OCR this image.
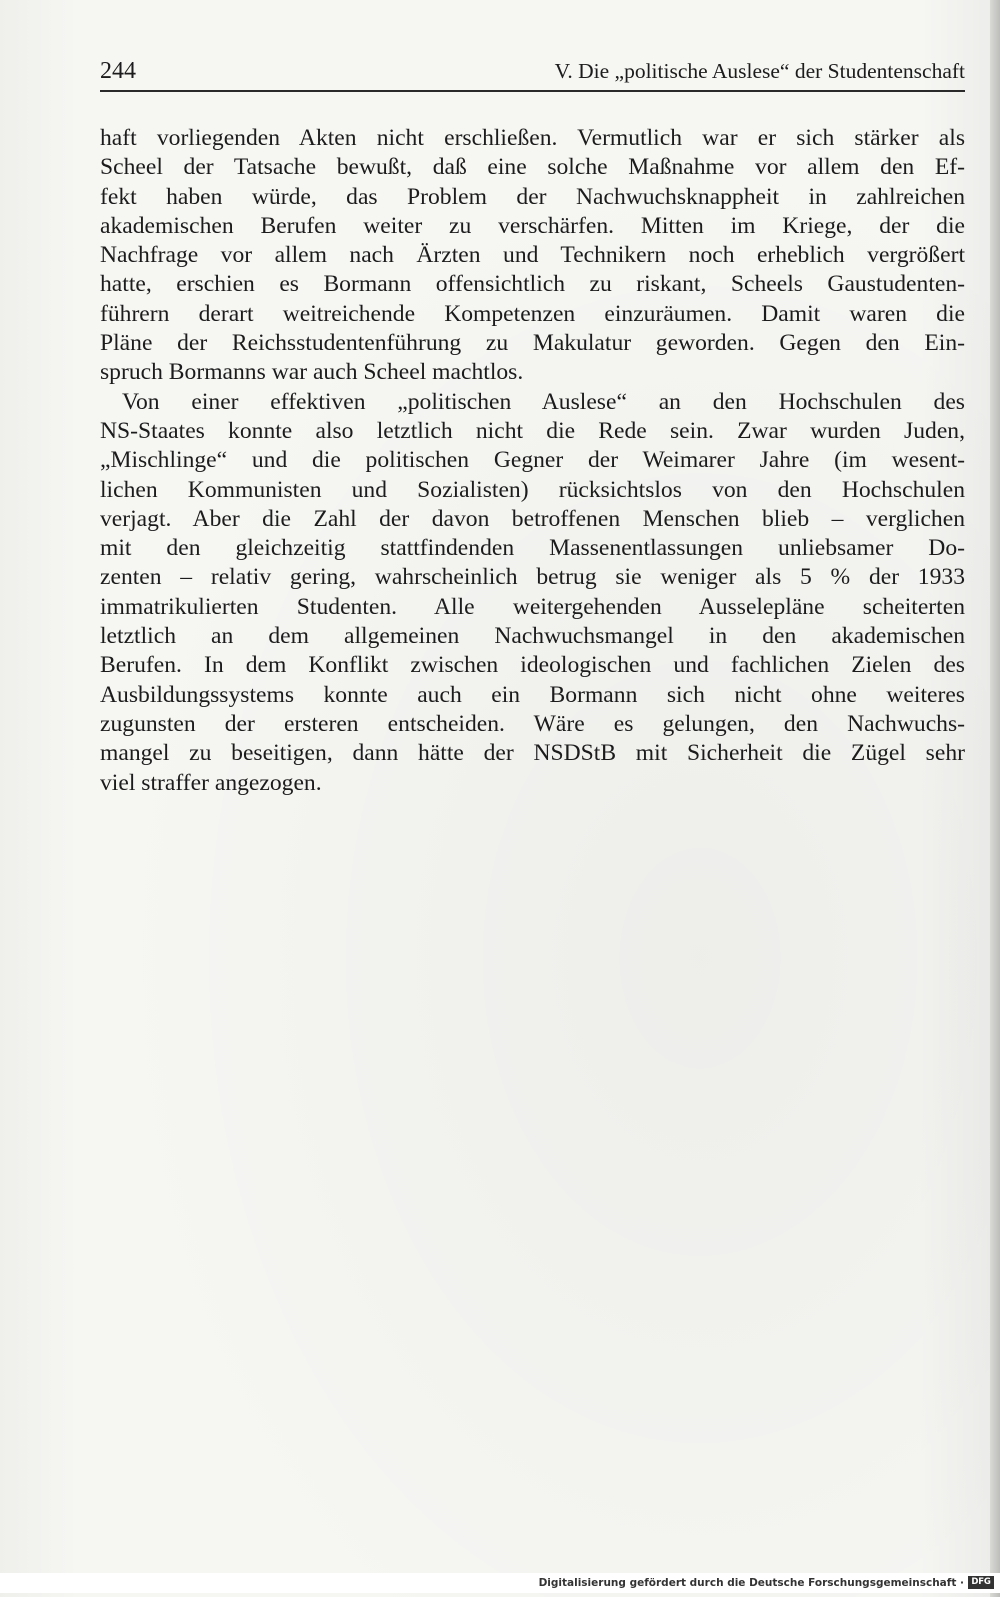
244	V. Die „politische Auslese“ der Studentenschaft
haft vorliegenden Akten nicht erschließen. Vermutlich war er sich stärker als
Scheel der Tatsache bewußt, daß eine solche Maßnahme vor allem den Ef-
fekt haben würde, das Problem der Nachwuchsknappheit in zahlreichen
akademischen Berufen weiter zu verschärfen. Mitten im Kriege, der die
Nachfrage vor allem nach Ärzten und Technikern noch erheblich vergrößert
hatte, erschien es Bormann offensichtlich zu riskant, Scheels Gaustudenten-
führern derart weitreichende Kompetenzen einzuräumen. Damit waren die
Pläne der Reichsstudentenführung zu Makulatur geworden. Gegen den Ein-
spruch Bormanns war auch Scheel machtlos.
Von einer effektiven „politischen Auslese“ an den Hochschulen des
NS-Staates konnte also letztlich nicht die Rede sein. Zwar wurden Juden,
„Mischlinge“ und die politischen Gegner der Weimarer Jahre (im wesent-
lichen Kommunisten und Sozialisten) rücksichtslos von den Hochschulen
verjagt. Aber die Zahl der davon betroffenen Menschen blieb – verglichen
mit den gleichzeitig stattfindenden Massenentlassungen unliebsamer Do-
zenten – relativ gering, wahrscheinlich betrug sie weniger als 5 % der 1933
immatrikulierten Studenten. Alle weitergehenden Ausselepläne scheiterten
letztlich an dem allgemeinen Nachwuchsmangel in den akademischen
Berufen. In dem Konflikt zwischen ideologischen und fachlichen Zielen des
Ausbildungssystems konnte auch ein Bormann sich nicht ohne weiteres
zugunsten der ersteren entscheiden. Wäre es gelungen, den Nachwuchs-
mangel zu beseitigen, dann hätte der NSDStB mit Sicherheit die Zügel sehr
viel straffer angezogen.
Digitalisierung gefördert durch die Deutsche Forschungsgemeinschaft · DFG
